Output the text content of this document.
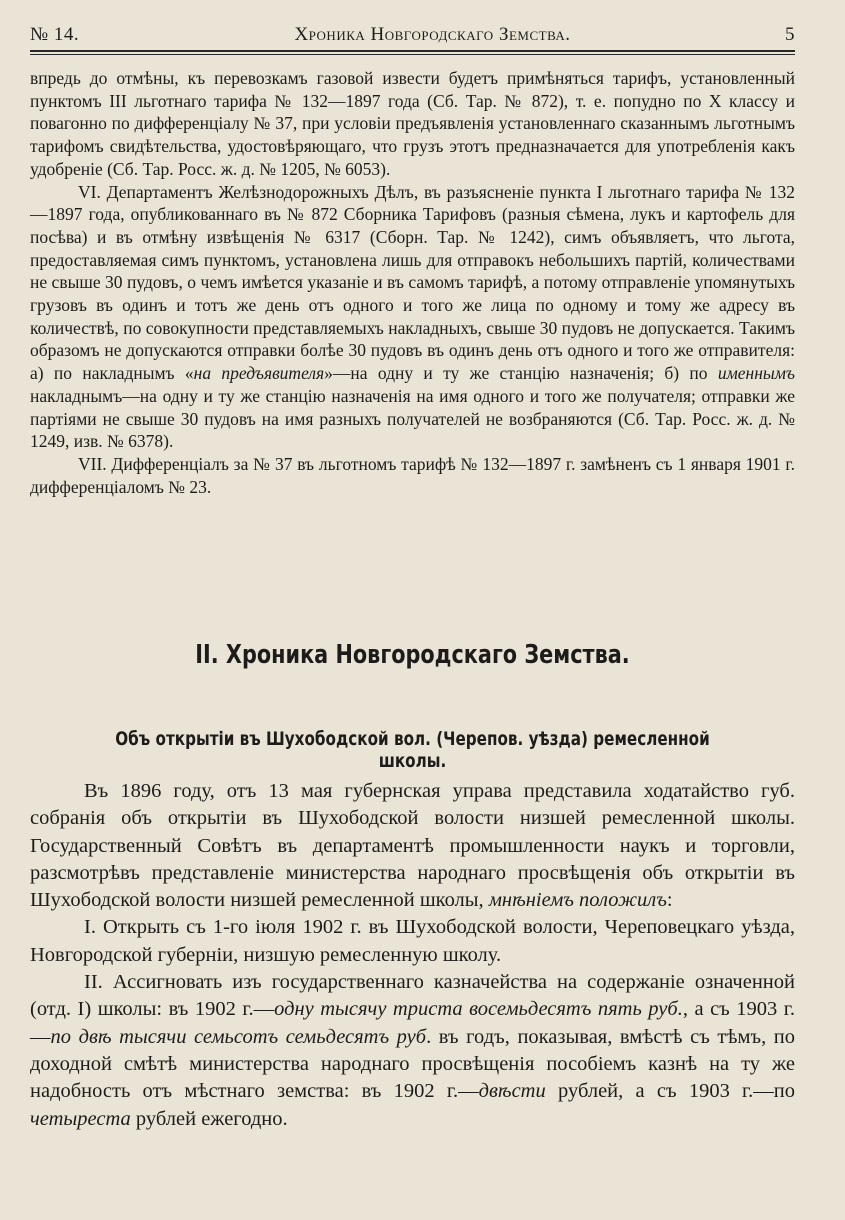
№ 14.	Хроника Новгородскаго Земства.	5

впредь до отмѣны, къ перевозкамъ газовой извести будетъ примѣняться тарифъ, установленный пунктомъ III льготнаго тарифа № 132—1897 года (Сб. Тар. № 872), т. е. попудно по X классу и повагонно по дифференціалу № 37, при условіи предъявленія установленнаго сказаннымъ льготнымъ тарифомъ свидѣтельства, удостовѣряющаго, что грузъ этотъ предназначается для употребленія какъ удобреніе (Сб. Тар. Росс. ж. д. № 1205, № 6053).

VI. Департаментъ Желѣзнодорожныхъ Дѣлъ, въ разъясненіе пункта I льготнаго тарифа № 132—1897 года, опубликованнаго въ № 872 Сборника Тарифовъ (разныя сѣмена, лукъ и картофель для посѣва) и въ отмѣну извѣщенія № 6317 (Сборн. Тар. № 1242), симъ объявляетъ, что льгота, предоставляемая симъ пунктомъ, установлена лишь для отправокъ небольшихъ партій, количествами не свыше 30 пудовъ, о чемъ имѣется указаніе и въ самомъ тарифѣ, а потому отправленіе упомянутыхъ грузовъ въ одинъ и тотъ же день отъ одного и того же лица по одному и тому же адресу въ количествѣ, по совокупности представляемыхъ накладныхъ, свыше 30 пудовъ не допускается. Такимъ образомъ не допускаются отправки болѣе 30 пудовъ въ одинъ день отъ одного и того же отправителя: а) по накладнымъ «на предъявителя»—на одну и ту же станцію назначенія; б) по именнымъ накладнымъ—на одну и ту же станцію назначенія на имя одного и того же получателя; отправки же партіями не свыше 30 пудовъ на имя разныхъ получателей не возбраняются (Сб. Тар. Росс. ж. д. № 1249, изв. № 6378).

VII. Дифференціалъ за № 37 въ льготномъ тарифѣ № 132—1897 г. замѣненъ съ 1 января 1901 г. дифференціаломъ № 23.

II. Хроника Новгородскаго Земства.
Объ открытіи въ Шухободской вол. (Черепов. уѣзда) ремесленной школы.

Въ 1896 году, отъ 13 мая губернская управа представила ходатайство губ. собранія объ открытіи въ Шухободской волости низшей ремесленной школы. Государственный Совѣтъ въ департаментѣ промышленности наукъ и торговли, разсмотрѣвъ представленіе министерства народнаго просвѣщенія объ открытіи въ Шухободской волости низшей ремесленной школы, мнѣніемъ положилъ:

I. Открыть съ 1-го іюля 1902 г. въ Шухободской волости, Череповецкаго уѣзда, Новгородской губерніи, низшую ремесленную школу.

II. Ассигновать изъ государственнаго казначейства на содержаніе означенной (отд. I) школы: въ 1902 г.—одну тысячу триста восемьдесятъ пять руб., а съ 1903 г.—по двѣ тысячи семьсотъ семьдесятъ руб. въ годъ, показывая, вмѣстѣ съ тѣмъ, по доходной смѣтѣ министерства народнаго просвѣщенія пособіемъ казнѣ на ту же надобность отъ мѣстнаго земства: въ 1902 г.—двѣсти рублей, а съ 1903 г.—по четыреста рублей ежегодно.
